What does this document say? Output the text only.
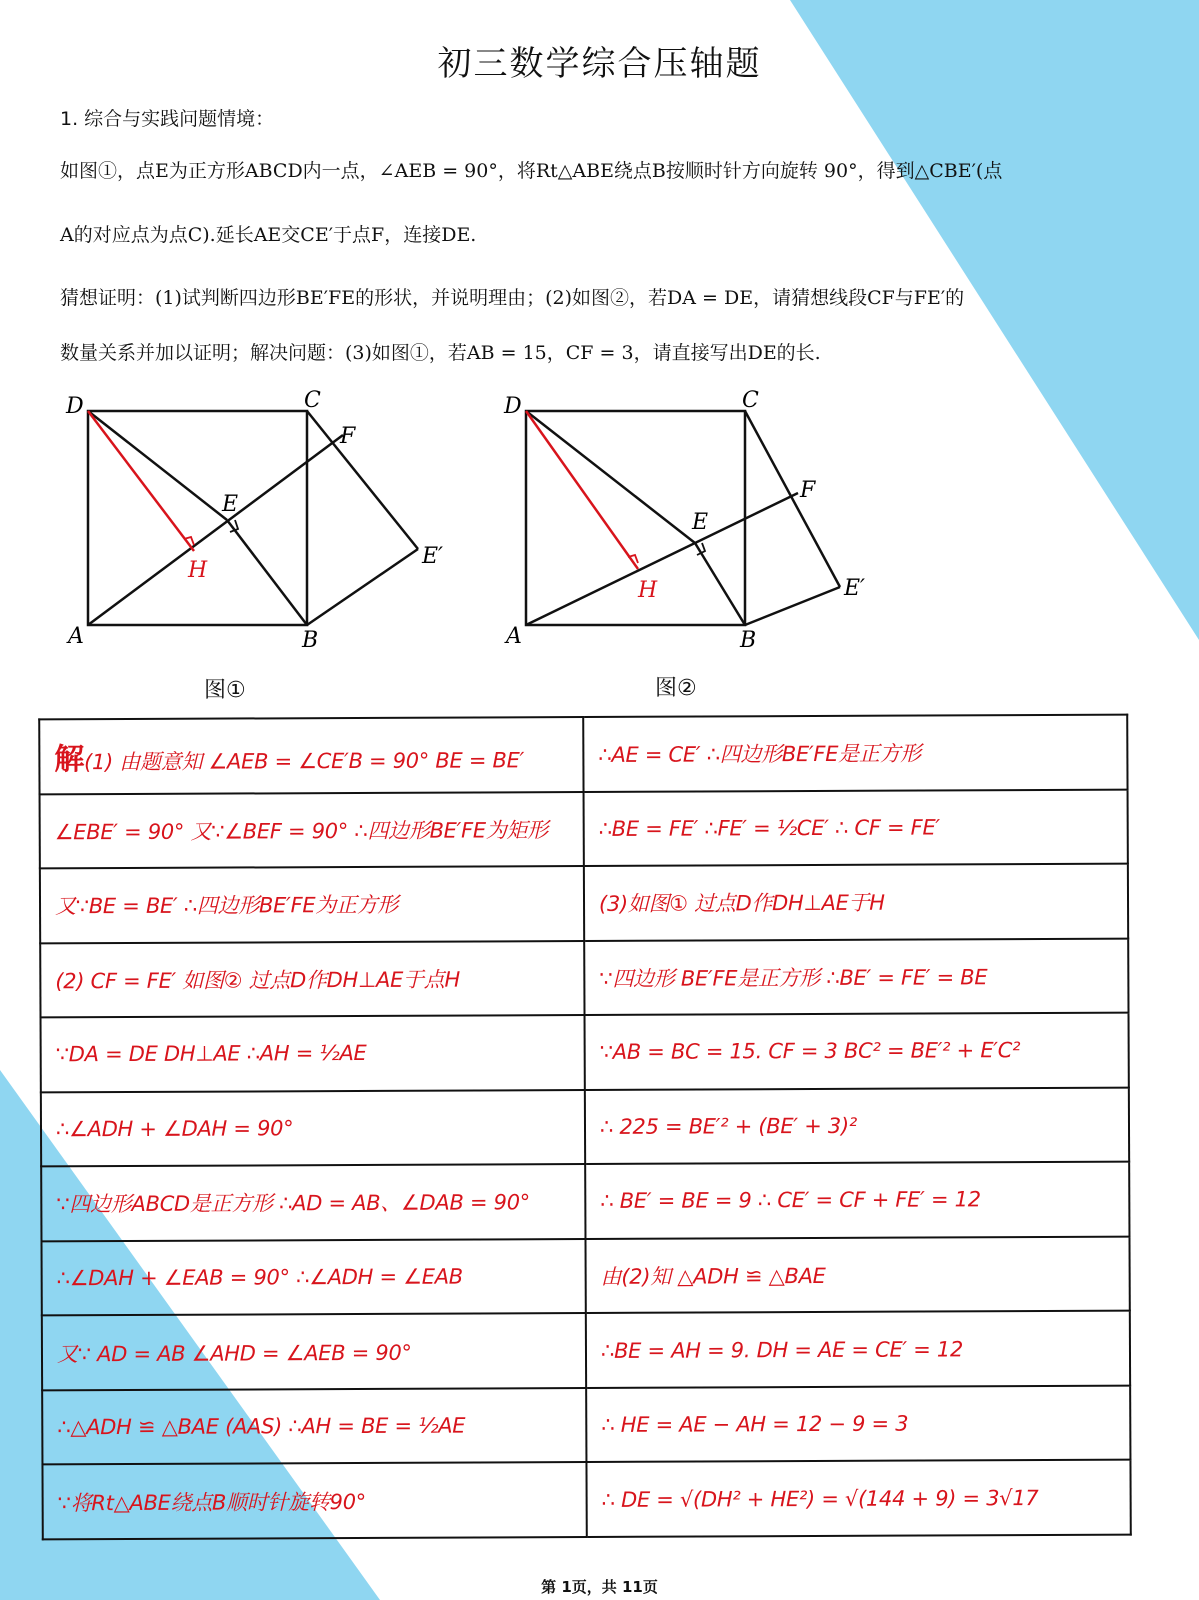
初三数学综合压轴题
1. 综合与实践问题情境：
如图①，点E为正方形ABCD内一点，∠AEB = 90°，将Rt△ABE绕点B按顺时针方向旋转 90°，得到△CBE′(点
A的对应点为点C).延长AE交CE′于点F，连接DE.
猜想证明：(1)试判断四边形BE′FE的形状，并说明理由；(2)如图②，若DA = DE，请猜想线段CF与FE′的
数量关系并加以证明；解决问题：(3)如图①，若AB = 15，CF = 3，请直接写出DE的长.
D	C
F
E
E′
A	B
H
图①
D	C
F
E
E′
A	B
H
图②
解(1) 由题意知 ∠AEB = ∠CE′B = 90° BE = BE′	∴AE = CE′ ∴四边形BE′FE是正方形
∠EBE′ = 90° 又∵∠BEF = 90° ∴四边形BE′FE为矩形	∴BE = FE′ ∴FE′ = ½CE′ ∴ CF = FE′
又∵BE = BE′ ∴四边形BE′FE为正方形	(3)如图① 过点D作DH⊥AE于H
(2) CF = FE′ 如图② 过点D作DH⊥AE于点H	∵四边形 BE′FE是正方形 ∴BE′ = FE′ = BE
∵DA = DE DH⊥AE ∴AH = ½AE	∵AB = BC = 15. CF = 3 BC² = BE′² + E′C²
∴∠ADH + ∠DAH = 90°	∴ 225 = BE′² + (BE′ + 3)²
∵四边形ABCD是正方形 ∴AD = AB、∠DAB = 90°	∴ BE′ = BE = 9 ∴ CE′ = CF + FE′ = 12
∴∠DAH + ∠EAB = 90° ∴∠ADH = ∠EAB	由(2)知 △ADH ≌ △BAE
又∵ AD = AB ∠AHD = ∠AEB = 90°	∴BE = AH = 9. DH = AE = CE′ = 12
∴△ADH ≌ △BAE (AAS) ∴AH = BE = ½AE	∴ HE = AE − AH = 12 − 9 = 3
∵将Rt△ABE绕点B顺时针旋转90°	∴ DE = √(DH² + HE²) = √(144 + 9) = 3√17
第 1页，共 11页
